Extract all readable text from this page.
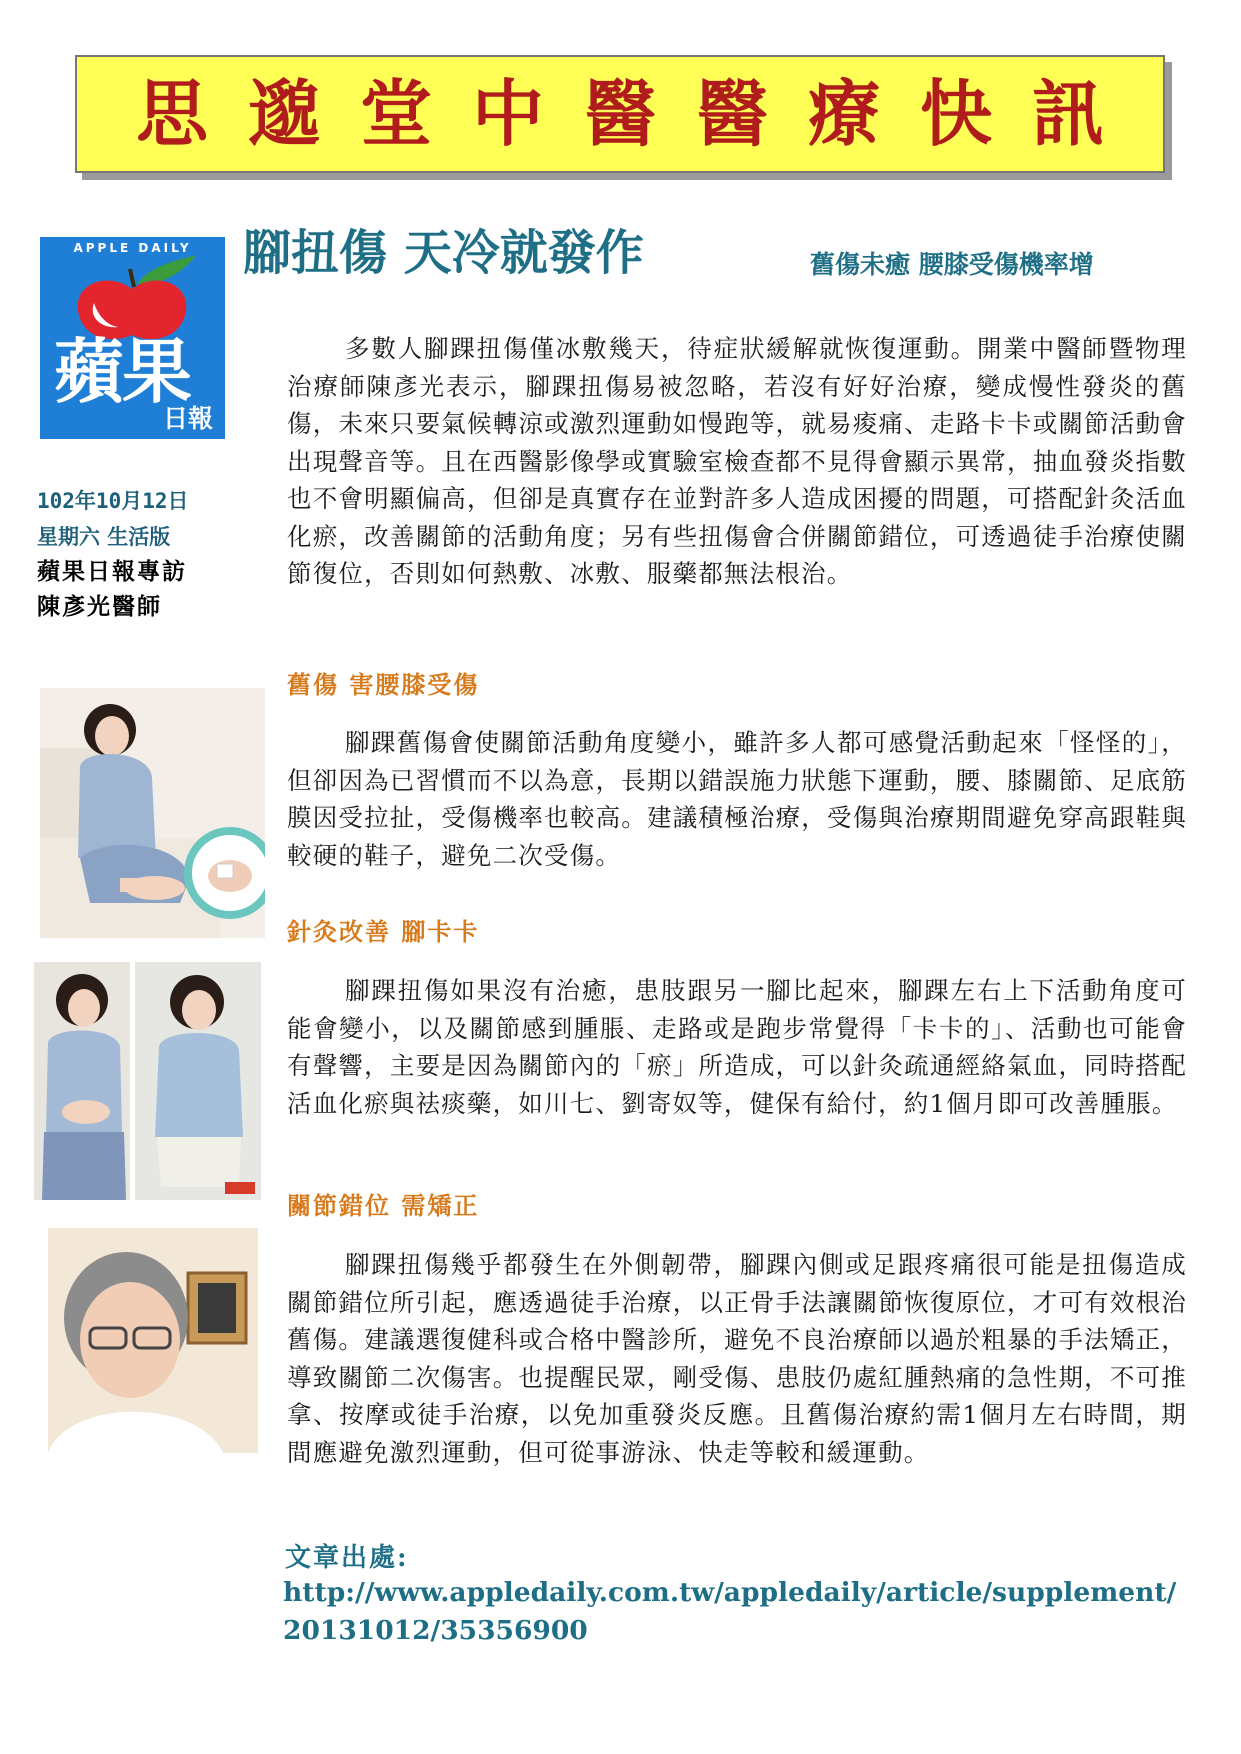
思邈堂中醫醫療快訊
APPLE DAILY
蘋果
日報
腳扭傷 天冷就發作	舊傷未癒 腰膝受傷機率增
102年10月12日
星期六 生活版
蘋果日報專訪
陳彥光醫師
多數人腳踝扭傷僅冰敷幾天，待症狀緩解就恢復運動。開業中醫師暨物理治療師陳彥光表示，腳踝扭傷易被忽略，若沒有好好治療，變成慢性發炎的舊傷，未來只要氣候轉涼或激烈運動如慢跑等，就易痠痛、走路卡卡或關節活動會出現聲音等。且在西醫影像學或實驗室檢查都不見得會顯示異常，抽血發炎指數也不會明顯偏高，但卻是真實存在並對許多人造成困擾的問題，可搭配針灸活血化瘀，改善關節的活動角度；另有些扭傷會合併關節錯位，可透過徒手治療使關節復位，否則如何熱敷、冰敷、服藥都無法根治。
舊傷 害腰膝受傷
腳踝舊傷會使關節活動角度變小，雖許多人都可感覺活動起來「怪怪的」，但卻因為已習慣而不以為意，長期以錯誤施力狀態下運動，腰、膝關節、足底筋膜因受拉扯，受傷機率也較高。建議積極治療，受傷與治療期間避免穿高跟鞋與較硬的鞋子，避免二次受傷。
針灸改善 腳卡卡
腳踝扭傷如果沒有治癒，患肢跟另一腳比起來，腳踝左右上下活動角度可能會變小，以及關節感到腫脹、走路或是跑步常覺得「卡卡的」、活動也可能會有聲響，主要是因為關節內的「瘀」所造成，可以針灸疏通經絡氣血，同時搭配活血化瘀與祛痰藥，如川七、劉寄奴等，健保有給付，約1個月即可改善腫脹。
關節錯位 需矯正
腳踝扭傷幾乎都發生在外側韌帶，腳踝內側或足跟疼痛很可能是扭傷造成關節錯位所引起，應透過徒手治療，以正骨手法讓關節恢復原位，才可有效根治舊傷。建議選復健科或合格中醫診所，避免不良治療師以過於粗暴的手法矯正，導致關節二次傷害。也提醒民眾，剛受傷、患肢仍處紅腫熱痛的急性期，不可推拿、按摩或徒手治療，以免加重發炎反應。且舊傷治療約需1個月左右時間，期間應避免激烈運動，但可從事游泳、快走等較和緩運動。
文章出處:
http://www.appledaily.com.tw/appledaily/article/supplement/20131012/35356900
